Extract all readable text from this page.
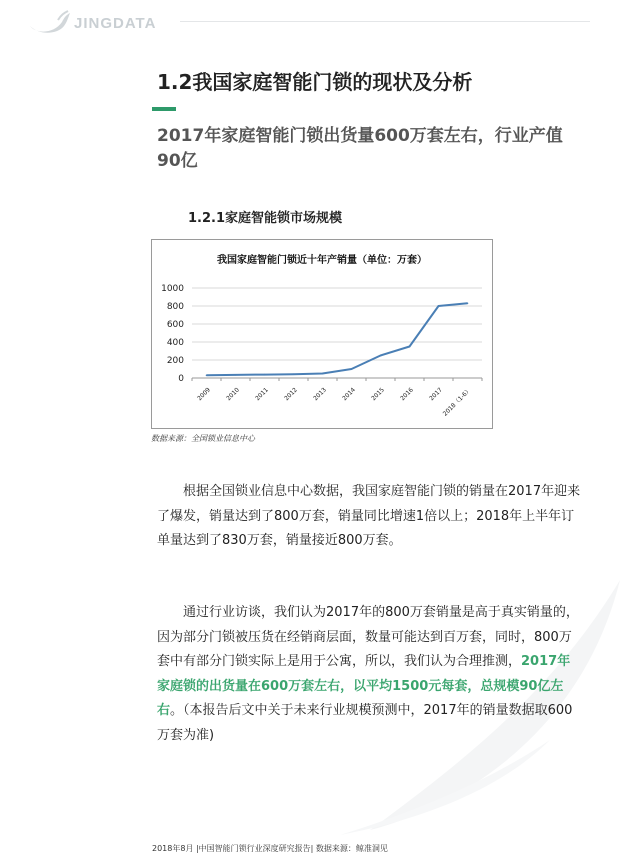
JINGDATA
1.2我国家庭智能门锁的现状及分析
2017年家庭智能门锁出货量600万套左右，行业产值90亿
1.2.1家庭智能锁市场规模
我国家庭智能门锁近十年产销量（单位：万套）
0
200
400
600
800
1000
2009 2010 2011 2012 2013 2014 2015 2016 2017
2018（1-6）
数据来源：全国锁业信息中心

根据全国锁业信息中心数据，我国家庭智能门锁的销量在2017年迎来了爆发，销量达到了800万套，销量同比增速1倍以上；2018年上半年订单量达到了830万套，销量接近800万套。

通过行业访谈，我们认为2017年的800万套销量是高于真实销量的，因为部分门锁被压货在经销商层面，数量可能达到百万套，同时，800万套中有部分门锁实际上是用于公寓，所以，我们认为合理推测，2017年家庭锁的出货量在600万套左右，以平均1500元每套，总规模90亿左右。（本报告后文中关于未来行业规模预测中，2017年的销量数据取600万套为准)

2018年8月 |中国智能门锁行业深度研究报告| 数据来源：鲸准洞见
